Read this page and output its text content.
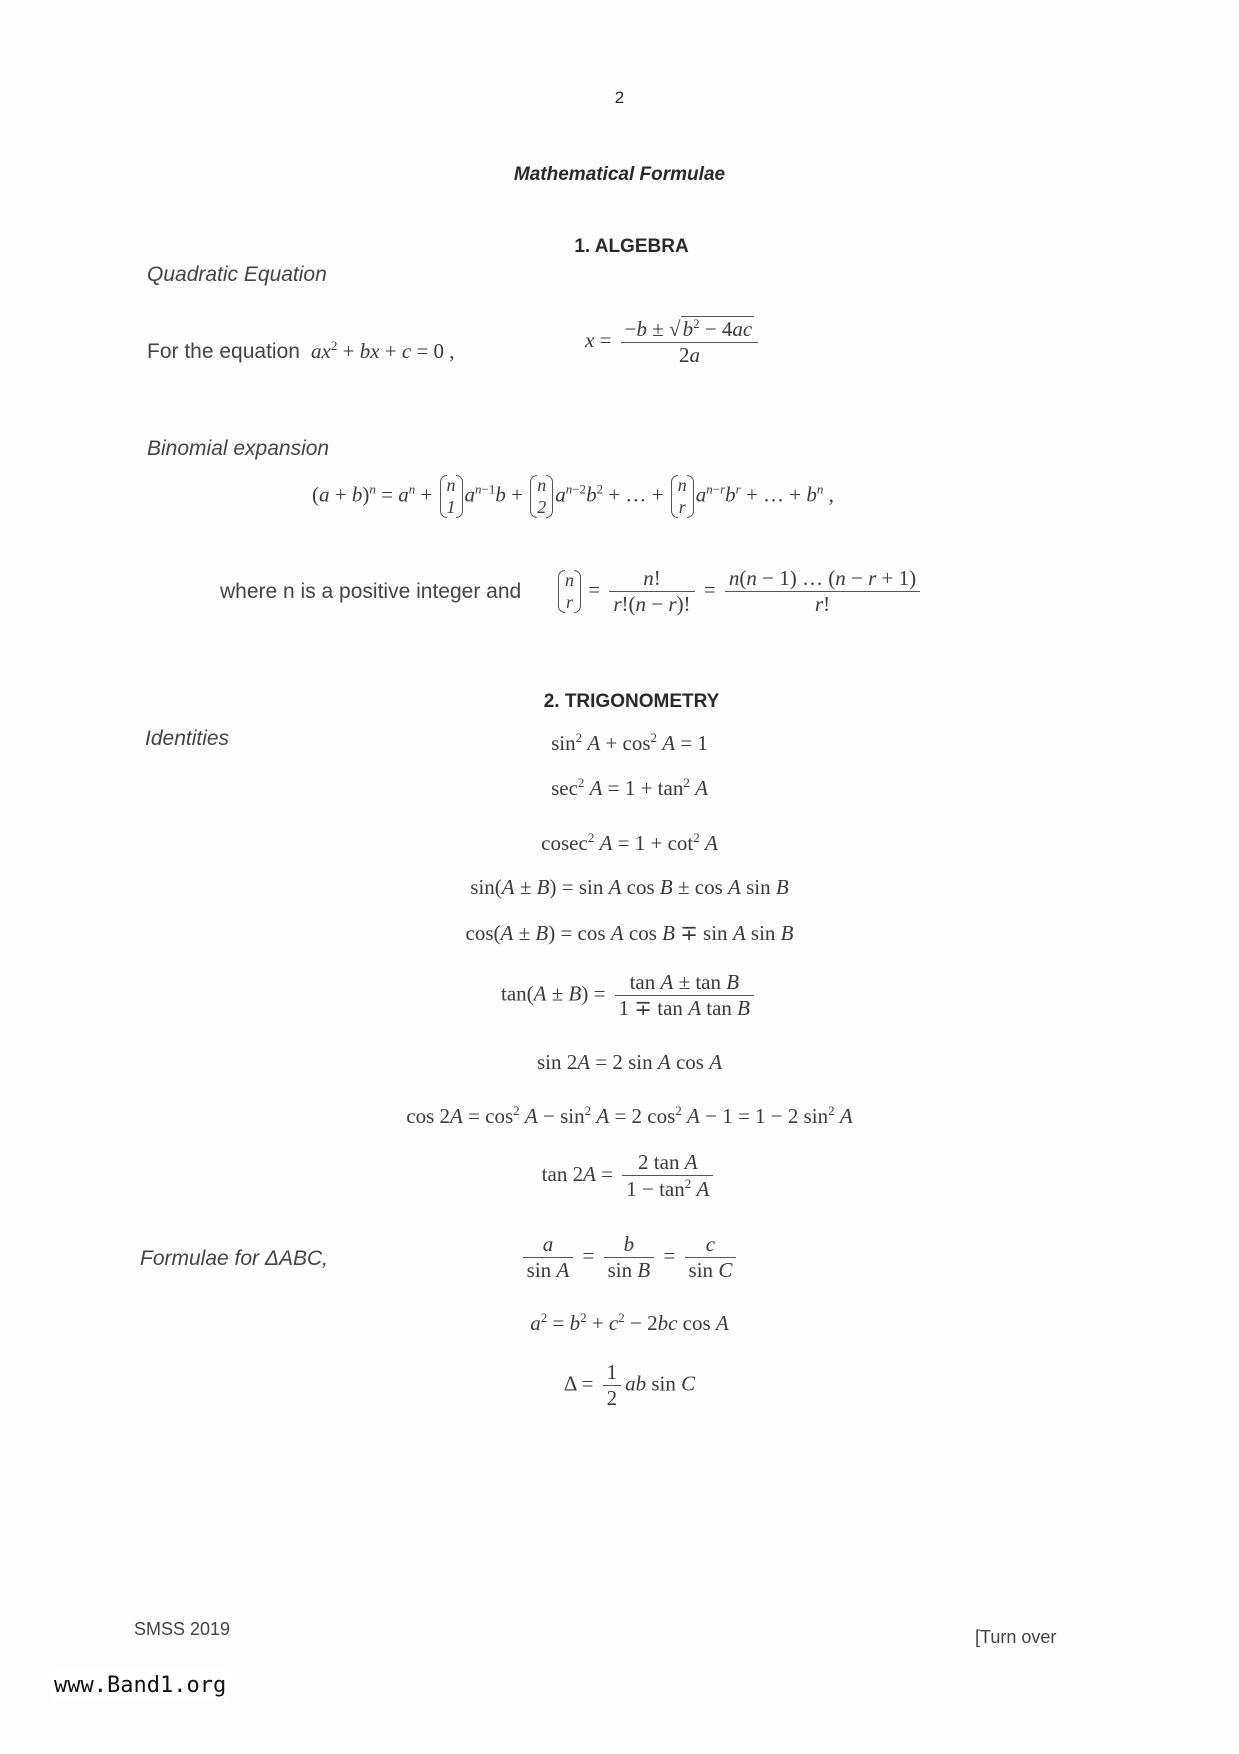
2
Mathematical Formulae
1. ALGEBRA
Quadratic Equation
For the equation $ax^2$ + bx + c = 0 ,	$x = \frac{-b \pm √b^2 - 4ac}{2a}$
Binomial expansion
$(a + b)^n = a^n + n$
1
$a^{n-1}b + n$
2
$a^{n-2}b^2$ + … + n
r
$a^{n-r}b^r$ + … + $b^n$ ,
where n is a positive integer and
n
r
= $\frac{n!}{r!(n - r)!} = \frac{n(n - 1) \dots (n - r + 1)}{r!}$
2. TRIGONOMETRY
Identities	$\sin^2 A + \cos^2 A = 1$
$\sec^2 A = 1 + \tan^2 A$
cosec$^2$ $A = 1 + \cot^2 A$
sin(A ± B) = sin A cos B ± cos A sin B
cos(A ± B) = cos A cos B ∓ sin A sin B
$\tan(A \pm B) = \frac{\text{tan A ± tan B}}{\text{1 ∓ tan A tan B}}$
sin 2A = 2 sin A cos A
$\cos 2A = \cos^2 A - \sin^2 A = 2$ $\cos^2 A - 1 = 1 - 2$ $\sin^2 A$
$\tan 2A = \frac{\text{2 tan A}}{1 - \tan^2 A}$
Formulae for ΔABC,	$\frac{a}{\text{sin A}} = \frac{b}{\text{sin B}} = \frac{c}{\text{sin C}}$
$a^2 = b^2 + c^2 - 2bc$ cos A
$\Delta = \frac{1}{2}$ ab sin C
SMSS 2019	[Turn over
www.Band1.org
